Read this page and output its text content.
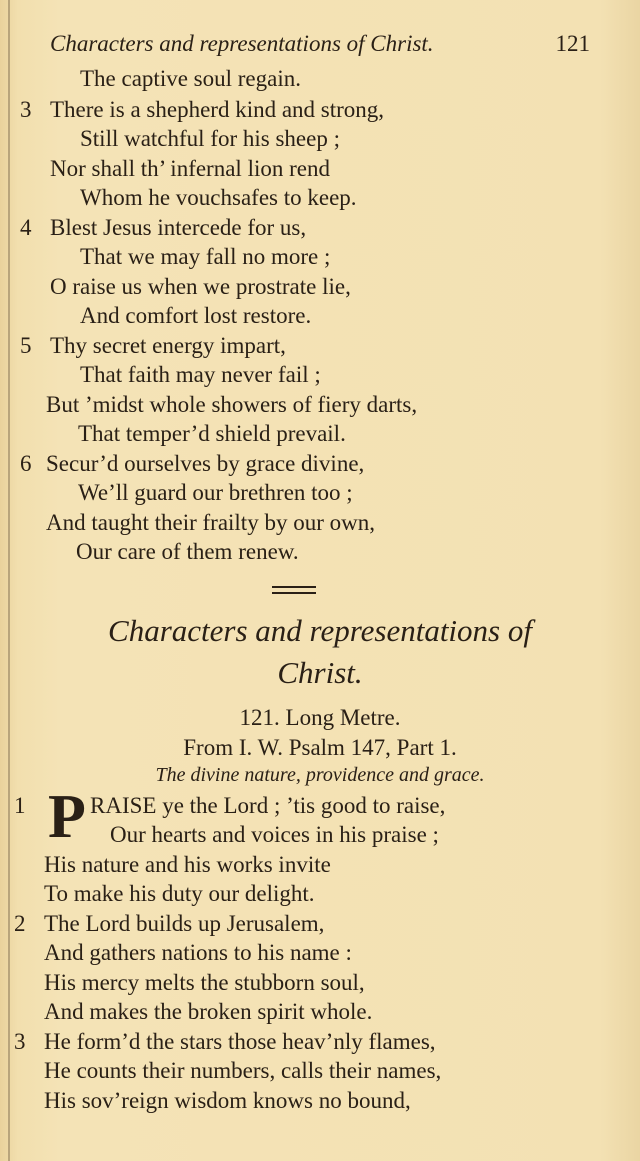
Characters and representations of Christ.	121
The captive soul regain.
3 There is a shepherd kind and strong,
Still watchful for his sheep ;
Nor shall th’ infernal lion rend
Whom he vouchsafes to keep.
4 Blest Jesus intercede for us,
That we may fall no more ;
O raise us when we prostrate lie,
And comfort lost restore.
5 Thy secret energy impart,
That faith may never fail ;
But ’midst whole showers of fiery darts,
That temper’d shield prevail.
6 Secur’d ourselves by grace divine,
We’ll guard our brethren too ;
And taught their frailty by our own,
Our care of them renew.
Characters and representations of
Christ.
121. Long Metre.
From I. W. Psalm 147, Part 1.
The divine nature, providence and grace.
1 P RAISE ye the Lord ; ’tis good to raise,
Our hearts and voices in his praise ;
His nature and his works invite
To make his duty our delight.
2 The Lord builds up Jerusalem,
And gathers nations to his name :
His mercy melts the stubborn soul,
And makes the broken spirit whole.
3 He form’d the stars those heav’nly flames,
He counts their numbers, calls their names,
His sov’reign wisdom knows no bound,
